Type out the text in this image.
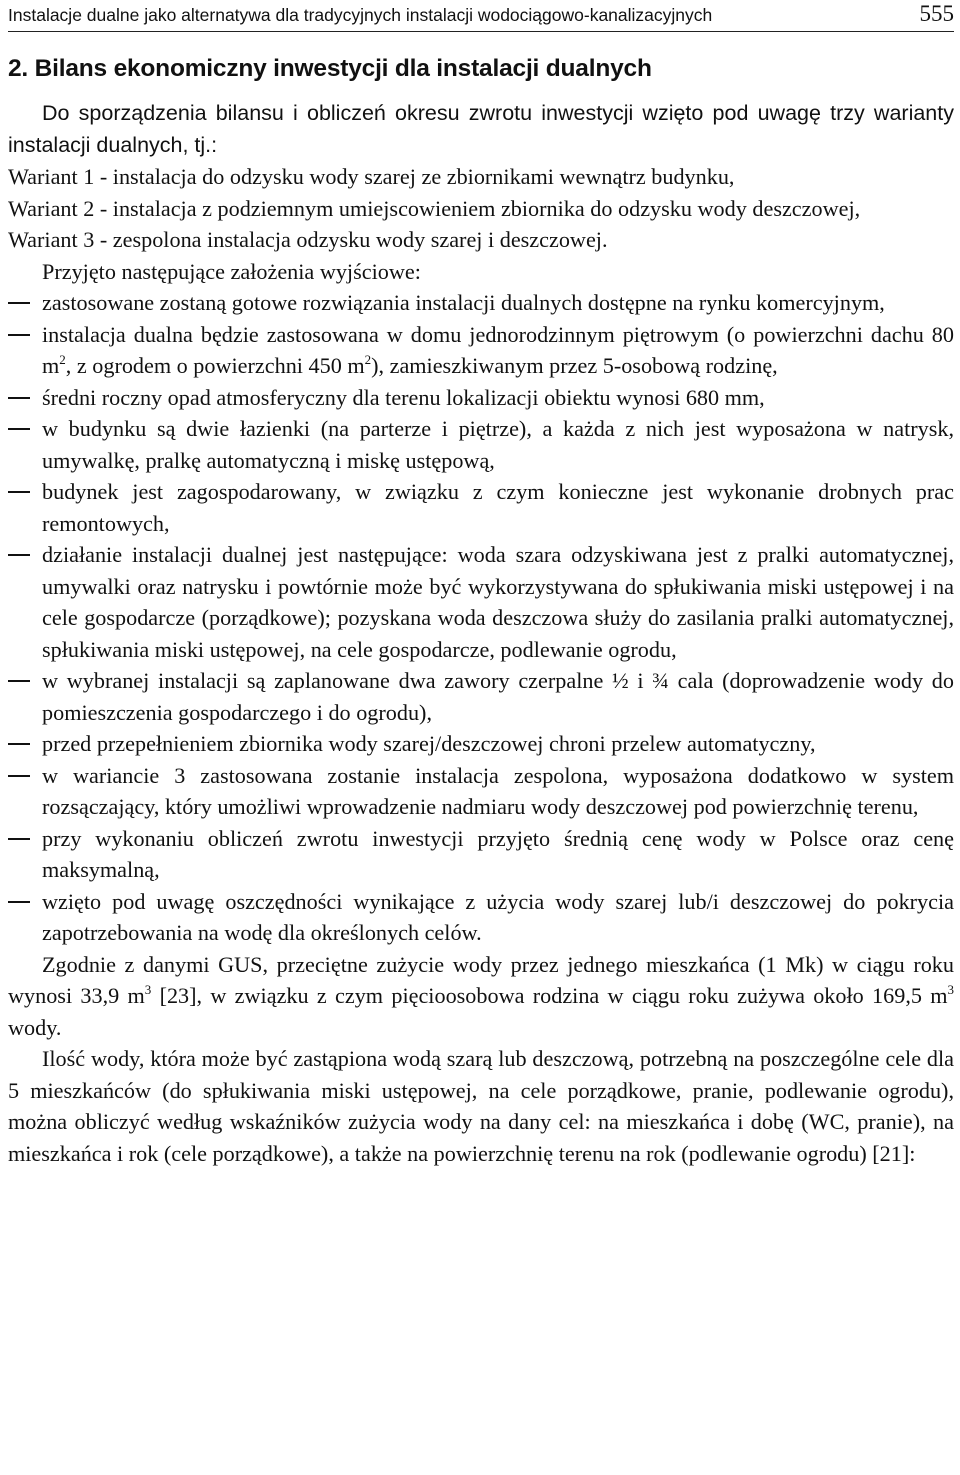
Instalacje dualne jako alternatywa dla tradycyjnych instalacji wodociągowo-kanalizacyjnych	555
2. Bilans ekonomiczny inwestycji dla instalacji dualnych

Do sporządzenia bilansu i obliczeń okresu zwrotu inwestycji wzięto pod uwagę trzy warianty instalacji dualnych, tj.:

Wariant 1 - instalacja do odzysku wody szarej ze zbiornikami wewnątrz budynku,

Wariant 2 - instalacja z podziemnym umiejscowieniem zbiornika do odzysku wody deszczowej,

Wariant 3 - zespolona instalacja odzysku wody szarej i deszczowej.

Przyjęto następujące założenia wyjściowe:

zastosowane zostaną gotowe rozwiązania instalacji dualnych dostępne na rynku komercyjnym,
instalacja dualna będzie zastosowana w domu jednorodzinnym piętrowym (o powierzchni dachu 80 $m^2$, z ogrodem o powierzchni 450 $m^2$), zamieszkiwanym przez 5-osobową rodzinę,
średni roczny opad atmosferyczny dla terenu lokalizacji obiektu wynosi 680 mm,
w budynku są dwie łazienki (na parterze i piętrze), a każda z nich jest wyposażona w natrysk, umywalkę, pralkę automatyczną i miskę ustępową,
budynek jest zagospodarowany, w związku z czym konieczne jest wykonanie drobnych prac remontowych,
działanie instalacji dualnej jest następujące: woda szara odzyskiwana jest z pralki automatycznej, umywalki oraz natrysku i powtórnie może być wykorzystywana do spłukiwania miski ustępowej i na cele gospodarcze (porządkowe); pozyskana woda deszczowa służy do zasilania pralki automatycznej, spłukiwania miski ustępowej, na cele gospodarcze, podlewanie ogrodu,
w wybranej instalacji są zaplanowane dwa zawory czerpalne ½ i ¾ cala (doprowadzenie wody do pomieszczenia gospodarczego i do ogrodu),
przed przepełnieniem zbiornika wody szarej/deszczowej chroni przelew automatyczny,
w wariancie 3 zastosowana zostanie instalacja zespolona, wyposażona dodatkowo w system rozsączający, który umożliwi wprowadzenie nadmiaru wody deszczowej pod powierzchnię terenu,
przy wykonaniu obliczeń zwrotu inwestycji przyjęto średnią cenę wody w Polsce oraz cenę maksymalną,
wzięto pod uwagę oszczędności wynikające z użycia wody szarej lub/i deszczowej do pokrycia zapotrzebowania na wodę dla określonych celów.

Zgodnie z danymi GUS, przeciętne zużycie wody przez jednego mieszkańca (1 Mk) w ciągu roku wynosi 33,9 $m^3$ [23], w związku z czym pięcioosobowa rodzina w ciągu roku zużywa około 169,5 $m^3$ wody.

Ilość wody, która może być zastąpiona wodą szarą lub deszczową, potrzebną na poszczególne cele dla 5 mieszkańców (do spłukiwania miski ustępowej, na cele porządkowe, pranie, podlewanie ogrodu), można obliczyć według wskaźników zużycia wody na dany cel: na mieszkańca i dobę (WC, pranie), na mieszkańca i rok (cele porządkowe), a także na powierzchnię terenu na rok (podlewanie ogrodu) [21]:
